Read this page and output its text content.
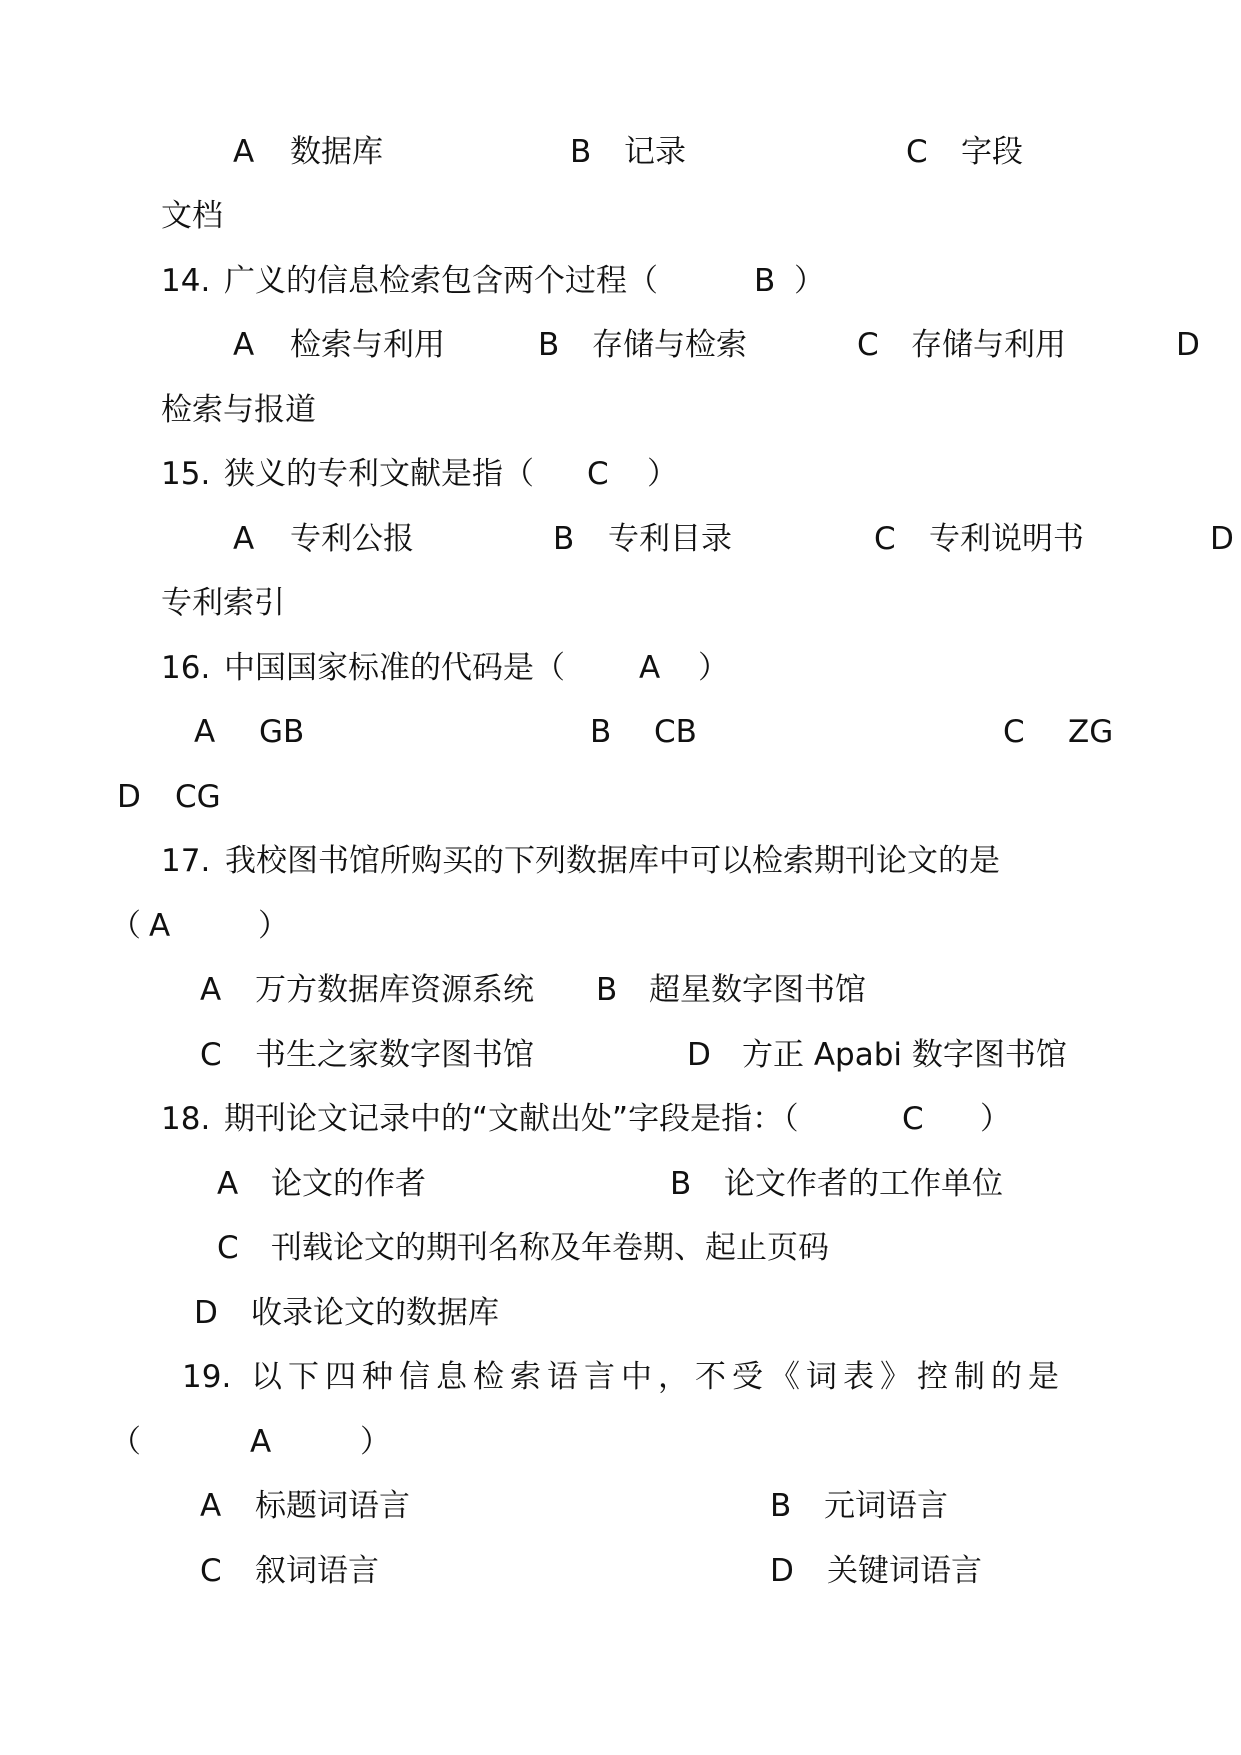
A 数据库	B 记录	C 字段
文档
14. 广义的信息检索包含两个过程（	B ）
A 检索与利用	B 存储与检索	C 存储与利用	D
检索与报道
15. 狭义的专利文献是指（ C ）
A 专利公报	B 专利目录	C 专利说明书	D
专利索引
16. 中国国家标准的代码是（ A ）
A GB	B CB	C ZG
D CG
17. 我校图书馆所购买的下列数据库中可以检索期刊论文的是
（ A	）
A 万方数据库资源系统 B 超星数字图书馆
C 书生之家数字图书馆	D 方正 Apabi 数字图书馆
18. 期刊论文记录中的“文献出处”字段是指：（	C ）
A 论文的作者	B 论文作者的工作单位
C 刊载论文的期刊名称及年卷期、起止页码
D 收录论文的数据库
19. 以下四种信息检索语言中，不受《词表》控制的是
（	A	）
A 标题词语言	B 元词语言
C 叙词语言	D 关键词语言
